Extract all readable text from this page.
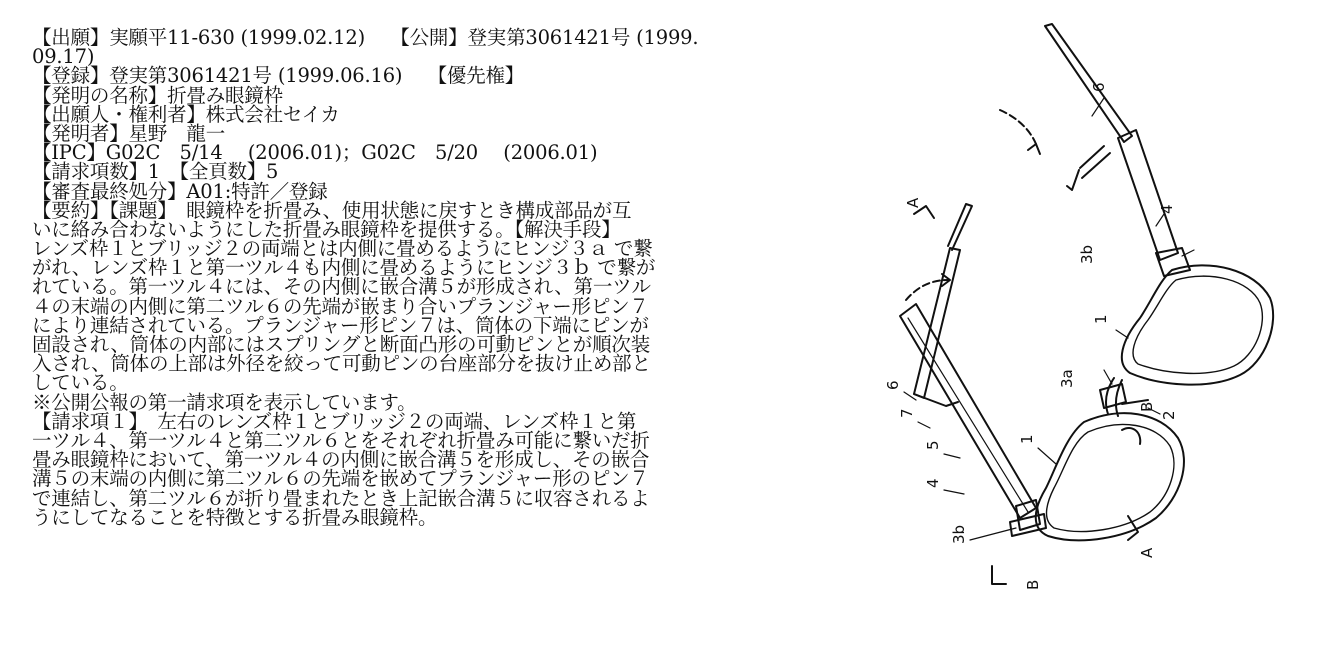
【出願】実願平11-630 (1999.02.12)　 【公開】登実第3061421号 (1999.
09.17)
【登録】登実第3061421号 (1999.06.16)　 【優先権】
【発明の名称】折畳み眼鏡枠
【出願人・権利者】株式会社セイカ
【発明者】星野　龍一
【IPC】G02C　5/14　 (2006.01)；G02C　5/20　 (2006.01)
【請求項数】1　【全頁数】5
【審査最終処分】A01:特許／登録
【要約】【課題】　眼鏡枠を折畳み、使用状態に戻すとき構成部品が互
いに絡み合わないようにした折畳み眼鏡枠を提供する。【解決手段】
レンズ枠１とブリッジ２の両端とは内側に畳めるようにヒンジ３ａ で繋
がれ、レンズ枠１と第一ツル４も内側に畳めるようにヒンジ３ｂ で繋が
れている。第一ツル４には、その内側に嵌合溝５が形成され、第一ツル
４の末端の内側に第二ツル６の先端が嵌まり合いプランジャー形ピン７
により連結されている。プランジャー形ピン７は、筒体の下端にピンが
固設され、筒体の内部にはスプリングと断面凸形の可動ピンとが順次装
入され、筒体の上部は外径を絞って可動ピンの台座部分を抜け止め部と
している。
※公開公報の第一請求項を表示しています。
【請求項１】　左右のレンズ枠１とブリッジ２の両端、レンズ枠１と第
一ツル４、第一ツル４と第二ツル６とをそれぞれ折畳み可能に繋いだ折
畳み眼鏡枠において、第一ツル４の内側に嵌合溝５を形成し、その嵌合
溝５の末端の内側に第二ツル６の先端を嵌めてプランジャー形のピン７
で連結し、第二ツル６が折り畳まれたとき上記嵌合溝５に収容されるよ
うにしてなることを特徴とする折畳み眼鏡枠。
6
4
A
3b
1
3a
B
2
6
7
5
1
4
3b
A
B
